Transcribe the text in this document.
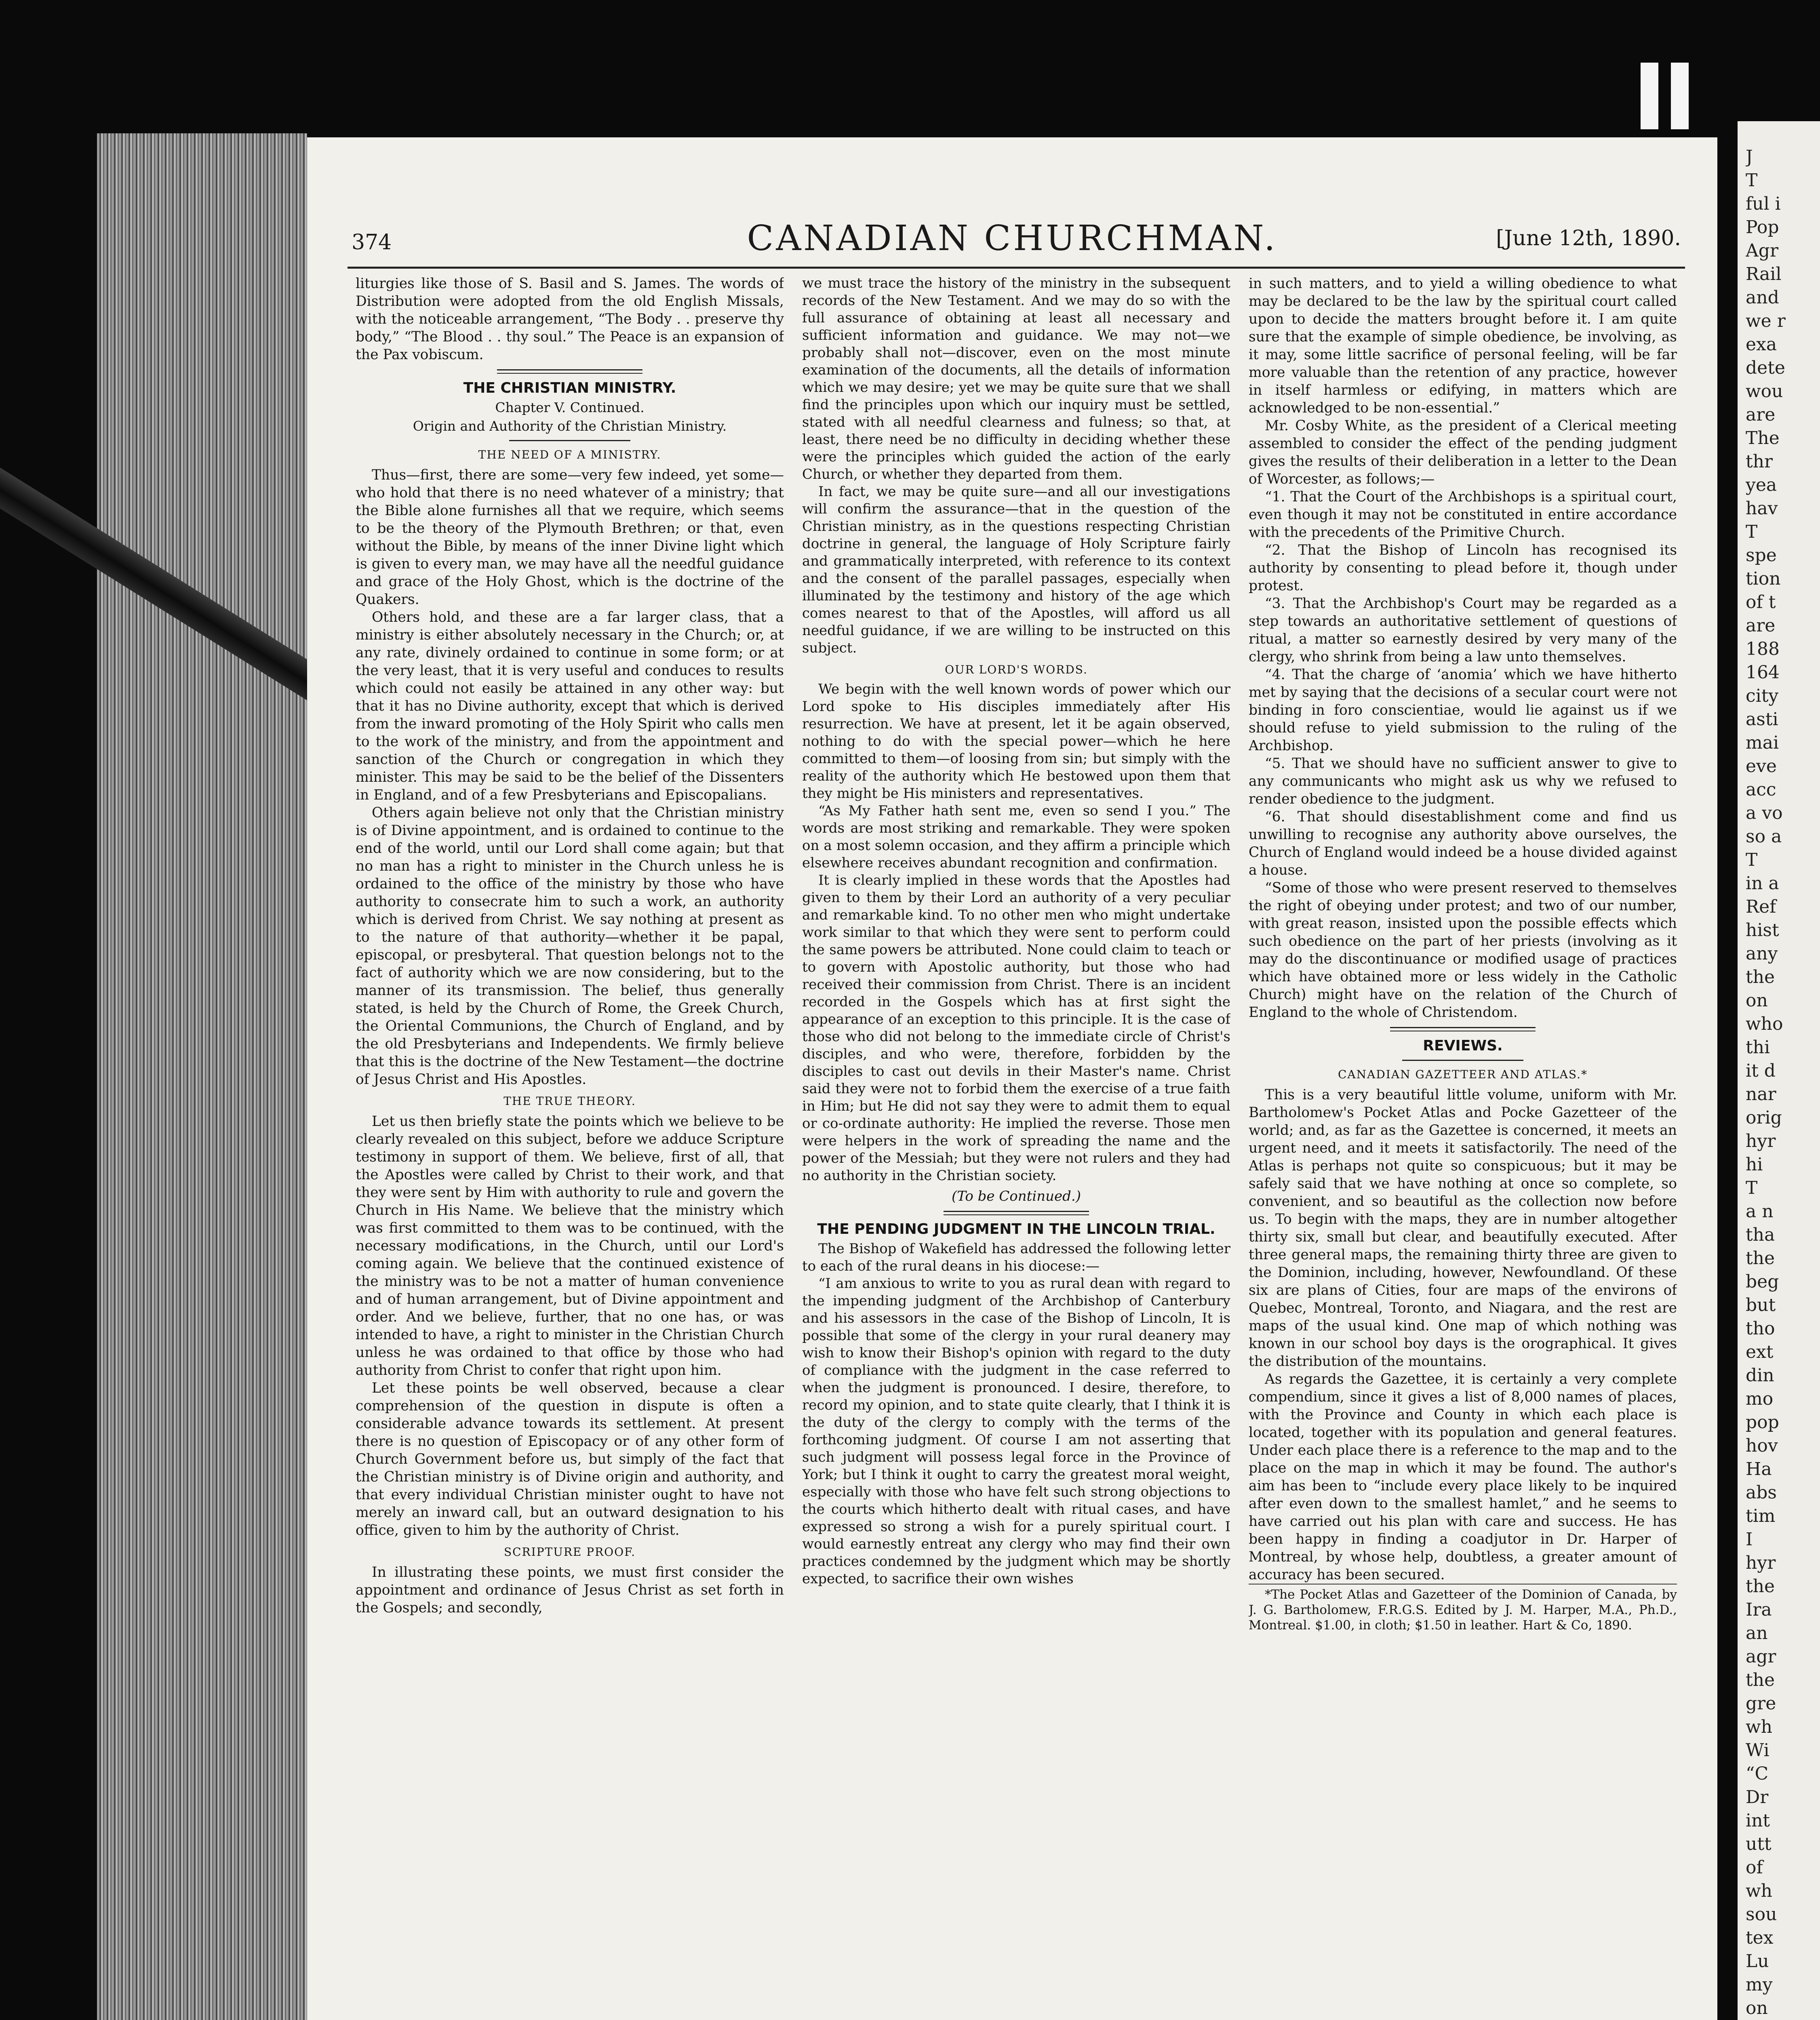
374	CANADIAN CHURCHMAN.	[June 12th, 1890.

liturgies like those of S. Basil and S. James. The words of Distribution were adopted from the old English Missals, with the noticeable arrangement, “The Body . . preserve thy body,” “The Blood . . thy soul.” The Peace is an expansion of the Pax vobiscum.

THE CHRISTIAN MINISTRY.
Chapter V. Continued.
Origin and Authority of the Christian Ministry.
THE NEED OF A MINISTRY.

Thus—first, there are some—very few indeed, yet some—who hold that there is no need whatever of a ministry; that the Bible alone furnishes all that we require, which seems to be the theory of the Plymouth Brethren; or that, even without the Bible, by means of the inner Divine light which is given to every man, we may have all the needful guidance and grace of the Holy Ghost, which is the doctrine of the Quakers.

Others hold, and these are a far larger class, that a ministry is either absolutely necessary in the Church; or, at any rate, divinely ordained to continue in some form; or at the very least, that it is very useful and conduces to results which could not easily be attained in any other way: but that it has no Divine authority, except that which is derived from the inward promoting of the Holy Spirit who calls men to the work of the ministry, and from the appointment and sanction of the Church or congregation in which they minister. This may be said to be the belief of the Dissenters in England, and of a few Presbyterians and Episcopalians.

Others again believe not only that the Christian ministry is of Divine appointment, and is ordained to continue to the end of the world, until our Lord shall come again; but that no man has a right to minister in the Church unless he is ordained to the office of the ministry by those who have authority to consecrate him to such a work, an authority which is derived from Christ. We say nothing at present as to the nature of that authority—whether it be papal, episcopal, or presbyteral. That question belongs not to the fact of authority which we are now considering, but to the manner of its transmission. The belief, thus generally stated, is held by the Church of Rome, the Greek Church, the Oriental Communions, the Church of England, and by the old Presbyterians and Independents. We firmly believe that this is the doctrine of the New Testament—the doctrine of Jesus Christ and His Apostles.

THE TRUE THEORY.

Let us then briefly state the points which we believe to be clearly revealed on this subject, before we adduce Scripture testimony in support of them. We believe, first of all, that the Apostles were called by Christ to their work, and that they were sent by Him with authority to rule and govern the Church in His Name. We believe that the ministry which was first committed to them was to be continued, with the necessary modifications, in the Church, until our Lord's coming again. We believe that the continued existence of the ministry was to be not a matter of human convenience and of human arrangement, but of Divine appointment and order. And we believe, further, that no one has, or was intended to have, a right to minister in the Christian Church unless he was ordained to that office by those who had authority from Christ to confer that right upon him.

Let these points be well observed, because a clear comprehension of the question in dispute is often a considerable advance towards its settlement. At present there is no question of Episcopacy or of any other form of Church Government before us, but simply of the fact that the Christian ministry is of Divine origin and authority, and that every individual Christian minister ought to have not merely an inward call, but an outward designation to his office, given to him by the authority of Christ.

SCRIPTURE PROOF.

In illustrating these points, we must first consider the appointment and ordinance of Jesus Christ as set forth in the Gospels; and secondly,

we must trace the history of the ministry in the subsequent records of the New Testament. And we may do so with the full assurance of obtaining at least all necessary and sufficient information and guidance. We may not—we probably shall not—discover, even on the most minute examination of the documents, all the details of information which we may desire; yet we may be quite sure that we shall find the principles upon which our inquiry must be settled, stated with all needful clearness and fulness; so that, at least, there need be no difficulty in deciding whether these were the principles which guided the action of the early Church, or whether they departed from them.

In fact, we may be quite sure—and all our investigations will confirm the assurance—that in the question of the Christian ministry, as in the questions respecting Christian doctrine in general, the language of Holy Scripture fairly and grammatically interpreted, with reference to its context and the consent of the parallel passages, especially when illuminated by the testimony and history of the age which comes nearest to that of the Apostles, will afford us all needful guidance, if we are willing to be instructed on this subject.

OUR LORD'S WORDS.

We begin with the well known words of power which our Lord spoke to His disciples immediately after His resurrection. We have at present, let it be again observed, nothing to do with the special power—which he here committed to them—of loosing from sin; but simply with the reality of the authority which He bestowed upon them that they might be His ministers and representatives.

“As My Father hath sent me, even so send I you.” The words are most striking and remarkable. They were spoken on a most solemn occasion, and they affirm a principle which elsewhere receives abundant recognition and confirmation.

It is clearly implied in these words that the Apostles had given to them by their Lord an authority of a very peculiar and remarkable kind. To no other men who might undertake work similar to that which they were sent to perform could the same powers be attributed. None could claim to teach or to govern with Apostolic authority, but those who had received their commission from Christ. There is an incident recorded in the Gospels which has at first sight the appearance of an exception to this principle. It is the case of those who did not belong to the immediate circle of Christ's disciples, and who were, therefore, forbidden by the disciples to cast out devils in their Master's name. Christ said they were not to forbid them the exercise of a true faith in Him; but He did not say they were to admit them to equal or co-ordinate authority: He implied the reverse. Those men were helpers in the work of spreading the name and the power of the Messiah; but they were not rulers and they had no authority in the Christian society.

(To be Continued.)
THE PENDING JUDGMENT IN THE LINCOLN TRIAL.

The Bishop of Wakefield has addressed the following letter to each of the rural deans in his diocese:—

“I am anxious to write to you as rural dean with regard to the impending judgment of the Archbishop of Canterbury and his assessors in the case of the Bishop of Lincoln, It is possible that some of the clergy in your rural deanery may wish to know their Bishop's opinion with regard to the duty of compliance with the judgment in the case referred to when the judgment is pronounced. I desire, therefore, to record my opinion, and to state quite clearly, that I think it is the duty of the clergy to comply with the terms of the forthcoming judgment. Of course I am not asserting that such judgment will possess legal force in the Province of York; but I think it ought to carry the greatest moral weight, especially with those who have felt such strong objections to the courts which hitherto dealt with ritual cases, and have expressed so strong a wish for a purely spiritual court. I would earnestly entreat any clergy who may find their own practices condemned by the judgment which may be shortly expected, to sacrifice their own wishes

in such matters, and to yield a willing obedience to what may be declared to be the law by the spiritual court called upon to decide the matters brought before it. I am quite sure that the example of simple obedience, be involving, as it may, some little sacrifice of personal feeling, will be far more valuable than the retention of any practice, however in itself harmless or edifying, in matters which are acknowledged to be non-essential.”

Mr. Cosby White, as the president of a Clerical meeting assembled to consider the effect of the pending judgment gives the results of their deliberation in a letter to the Dean of Worcester, as follows;—

“1. That the Court of the Archbishops is a spiritual court, even though it may not be constituted in entire accordance with the precedents of the Primitive Church.

“2. That the Bishop of Lincoln has recognised its authority by consenting to plead before it, though under protest.

“3. That the Archbishop's Court may be regarded as a step towards an authoritative settlement of questions of ritual, a matter so earnestly desired by very many of the clergy, who shrink from being a law unto themselves.

“4. That the charge of ‘anomia’ which we have hitherto met by saying that the decisions of a secular court were not binding in foro conscientiae, would lie against us if we should refuse to yield submission to the ruling of the Archbishop.

“5. That we should have no sufficient answer to give to any communicants who might ask us why we refused to render obedience to the judgment.

“6. That should disestablishment come and find us unwilling to recognise any authority above ourselves, the Church of England would indeed be a house divided against a house.

“Some of those who were present reserved to themselves the right of obeying under protest; and two of our number, with great reason, insisted upon the possible effects which such obedience on the part of her priests (involving as it may do the discontinuance or modified usage of practices which have obtained more or less widely in the Catholic Church) might have on the relation of the Church of England to the whole of Christendom.

REVIEWS.
CANADIAN GAZETTEER AND ATLAS.*

This is a very beautiful little volume, uniform with Mr. Bartholomew's Pocket Atlas and Pocke Gazetteer of the world; and, as far as the Gazettee is concerned, it meets an urgent need, and it meets it satisfactorily. The need of the Atlas is perhaps not quite so conspicuous; but it may be safely said that we have nothing at once so complete, so convenient, and so beautiful as the collection now before us. To begin with the maps, they are in number altogether thirty six, small but clear, and beautifully executed. After three general maps, the remaining thirty three are given to the Dominion, including, however, Newfoundland. Of these six are plans of Cities, four are maps of the environs of Quebec, Montreal, Toronto, and Niagara, and the rest are maps of the usual kind. One map of which nothing was known in our school boy days is the orographical. It gives the distribution of the mountains.

As regards the Gazettee, it is certainly a very complete compendium, since it gives a list of 8,000 names of places, with the Province and County in which each place is located, together with its population and general features. Under each place there is a reference to the map and to the place on the map in which it may be found. The author's aim has been to “include every place likely to be inquired after even down to the smallest hamlet,” and he seems to have carried out his plan with care and success. He has been happy in finding a coadjutor in Dr. Harper of Montreal, by whose help, doubtless, a greater amount of accuracy has been secured.

*The Pocket Atlas and Gazetteer of the Dominion of Canada, by J. G. Bartholomew, F.R.G.S. Edited by J. M. Harper, M.A., Ph.D., Montreal. $1.00, in cloth; $1.50 in leather. Hart & Co, 1890.

J

T

ful i

Pop

Agr

Rail

and

we r

exa

dete

wou

are

The

thr

yea

hav

T

spe

tion

of t

are

188

164

city

asti

mai

eve

acc

a vo

so a

T

in a

Ref

hist

any

the

on

who

thi

it d

nar

orig

hyr

hi

T

a n

tha

the

beg

but

tho

ext

din

mo

pop

hov

Ha

abs

tim

I

hyr

the

Ira

an

agr

the

gre

wh

Wi

“C

Dr

int

utt

of

wh

sou

tex

Lu

my

on
